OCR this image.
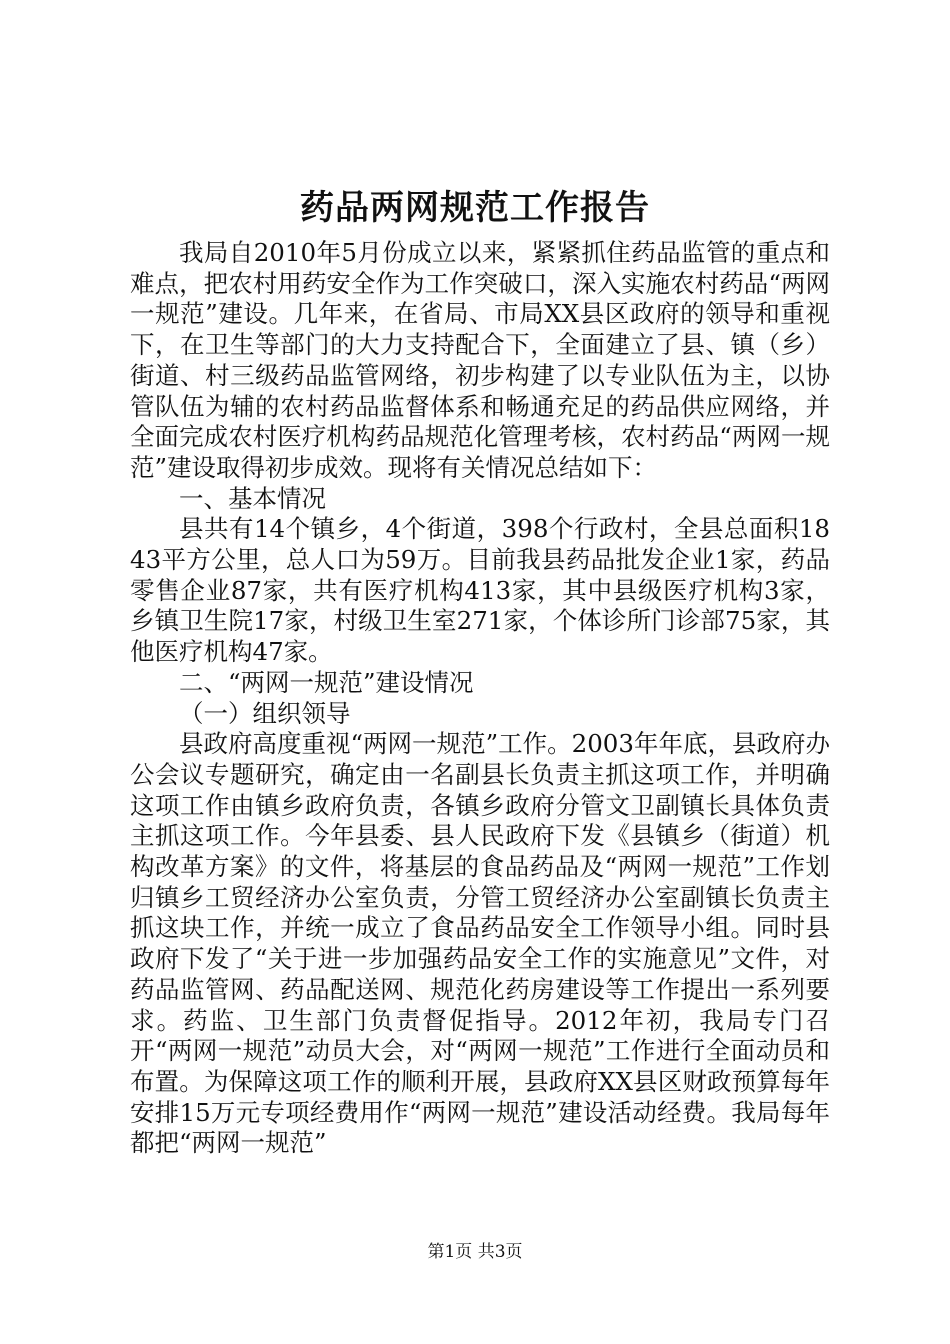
药品两网规范工作报告

我局自2010年5月份成立以来，紧紧抓住药品监管的重点和难点，把农村用药安全作为工作突破口，深入实施农村药品“两网一规范”建设。几年来，在省局、市局XX县区政府的领导和重视下，在卫生等部门的大力支持配合下，全面建立了县、镇（乡）街道、村三级药品监管网络，初步构建了以专业队伍为主，以协管队伍为辅的农村药品监督体系和畅通充足的药品供应网络，并全面完成农村医疗机构药品规范化管理考核，农村药品“两网一规范”建设取得初步成效。现将有关情况总结如下：

一、基本情况

县共有14个镇乡，4个街道，398个行政村，全县总面积1843平方公里，总人口为59万。目前我县药品批发企业1家，药品零售企业87家，共有医疗机构413家，其中县级医疗机构3家，乡镇卫生院17家，村级卫生室271家，个体诊所门诊部75家，其他医疗机构47家。

二、“两网一规范”建设情况

（一）组织领导

县政府高度重视“两网一规范”工作。2003年年底，县政府办公会议专题研究，确定由一名副县长负责主抓这项工作，并明确这项工作由镇乡政府负责，各镇乡政府分管文卫副镇长具体负责主抓这项工作。今年县委、县人民政府下发《县镇乡（街道）机构改革方案》的文件，将基层的食品药品及“两网一规范”工作划归镇乡工贸经济办公室负责，分管工贸经济办公室副镇长负责主抓这块工作，并统一成立了食品药品安全工作领导小组。同时县政府下发了“关于进一步加强药品安全工作的实施意见”文件，对药品监管网、药品配送网、规范化药房建设等工作提出一系列要求。药监、卫生部门负责督促指导。2012年初，我局专门召开“两网一规范”动员大会，对“两网一规范”工作进行全面动员和布置。为保障这项工作的顺利开展，县政府XX县区财政预算每年安排15万元专项经费用作“两网一规范”建设活动经费。我局每年都把“两网一规范”

第1页 共3页
